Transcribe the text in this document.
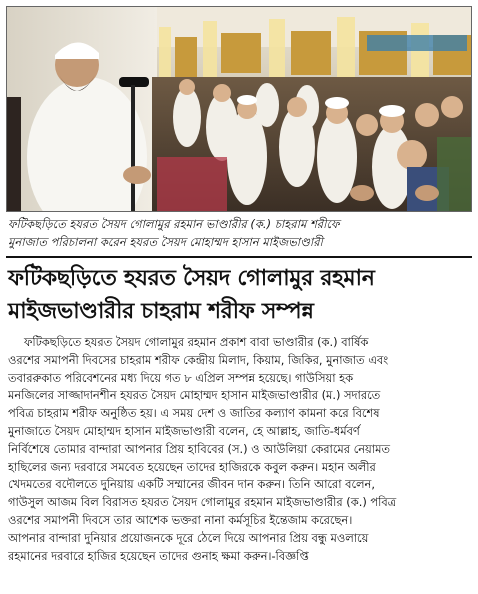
ফটিকছড়িতে হযরত সৈয়দ গোলামুর রহমান ভাণ্ডারীর (ক.) চাহরাম শরীফে
মুনাজাত পরিচালনা করেন হযরত সৈয়দ মোহাম্মদ হাসান মাইজভাণ্ডারী
ফটিকছড়িতে হযরত সৈয়দ গোলামুর রহমান
মাইজভাণ্ডারীর চাহরাম শরীফ সম্পন্ন
ফটিকছড়িতে হযরত সৈয়দ গোলামুর রহমান প্রকাশ বাবা ভাণ্ডারীর (ক.) বার্ষিক
ওরশের সমাপনী দিবসের চাহরাম শরীফ কেন্দ্রীয় মিলাদ, কিয়াম, জিকির, মুনাজাত এবং
তবাররুকাত পরিবেশনের মধ্য দিয়ে গত ৮ এপ্রিল সম্পন্ন হয়েছে। গাউসিয়া হক
মনজিলের সাজ্জাদানশীন হযরত সৈয়দ মোহাম্মদ হাসান মাইজভাণ্ডারীর (ম.) সদারতে
পবিত্র চাহরাম শরীফ অনুষ্ঠিত হয়। এ সময় দেশ ও জাতির কল্যাণ কামনা করে বিশেষ
মুনাজাতে সৈয়দ মোহাম্মদ হাসান মাইজভাণ্ডারী বলেন, হে আল্লাহ, জাতি-ধর্মবর্ণ
নির্বিশেষে তোমার বান্দারা আপনার প্রিয় হাবিবের (স.) ও আউলিয়া কেরামের নেয়ামত
হাছিলের জন্য দরবারে সমবেত হয়েছেন তাদের হাজিরকে কবুল করুন। মহান অলীর
খেদমতের বদৌলতে দুনিয়ায় একটি সম্মানের জীবন দান করুন। তিনি আরো বলেন,
গাউসুল আজম বিল বিরাসত হযরত সৈয়দ গোলামুর রহমান মাইজভাণ্ডারীর (ক.) পবিত্র
ওরশের সমাপনী দিবসে তার আশেক ভক্তরা নানা কর্মসূচির ইন্তেজাম করেছেন।
আপনার বান্দারা দুনিয়ার প্রয়োজনকে দূরে ঠেলে দিয়ে আপনার প্রিয় বন্ধু মওলায়ে
রহমানের দরবারে হাজির হয়েছেন তাদের গুনাহ ক্ষমা করুন।-বিজ্ঞপ্তি
